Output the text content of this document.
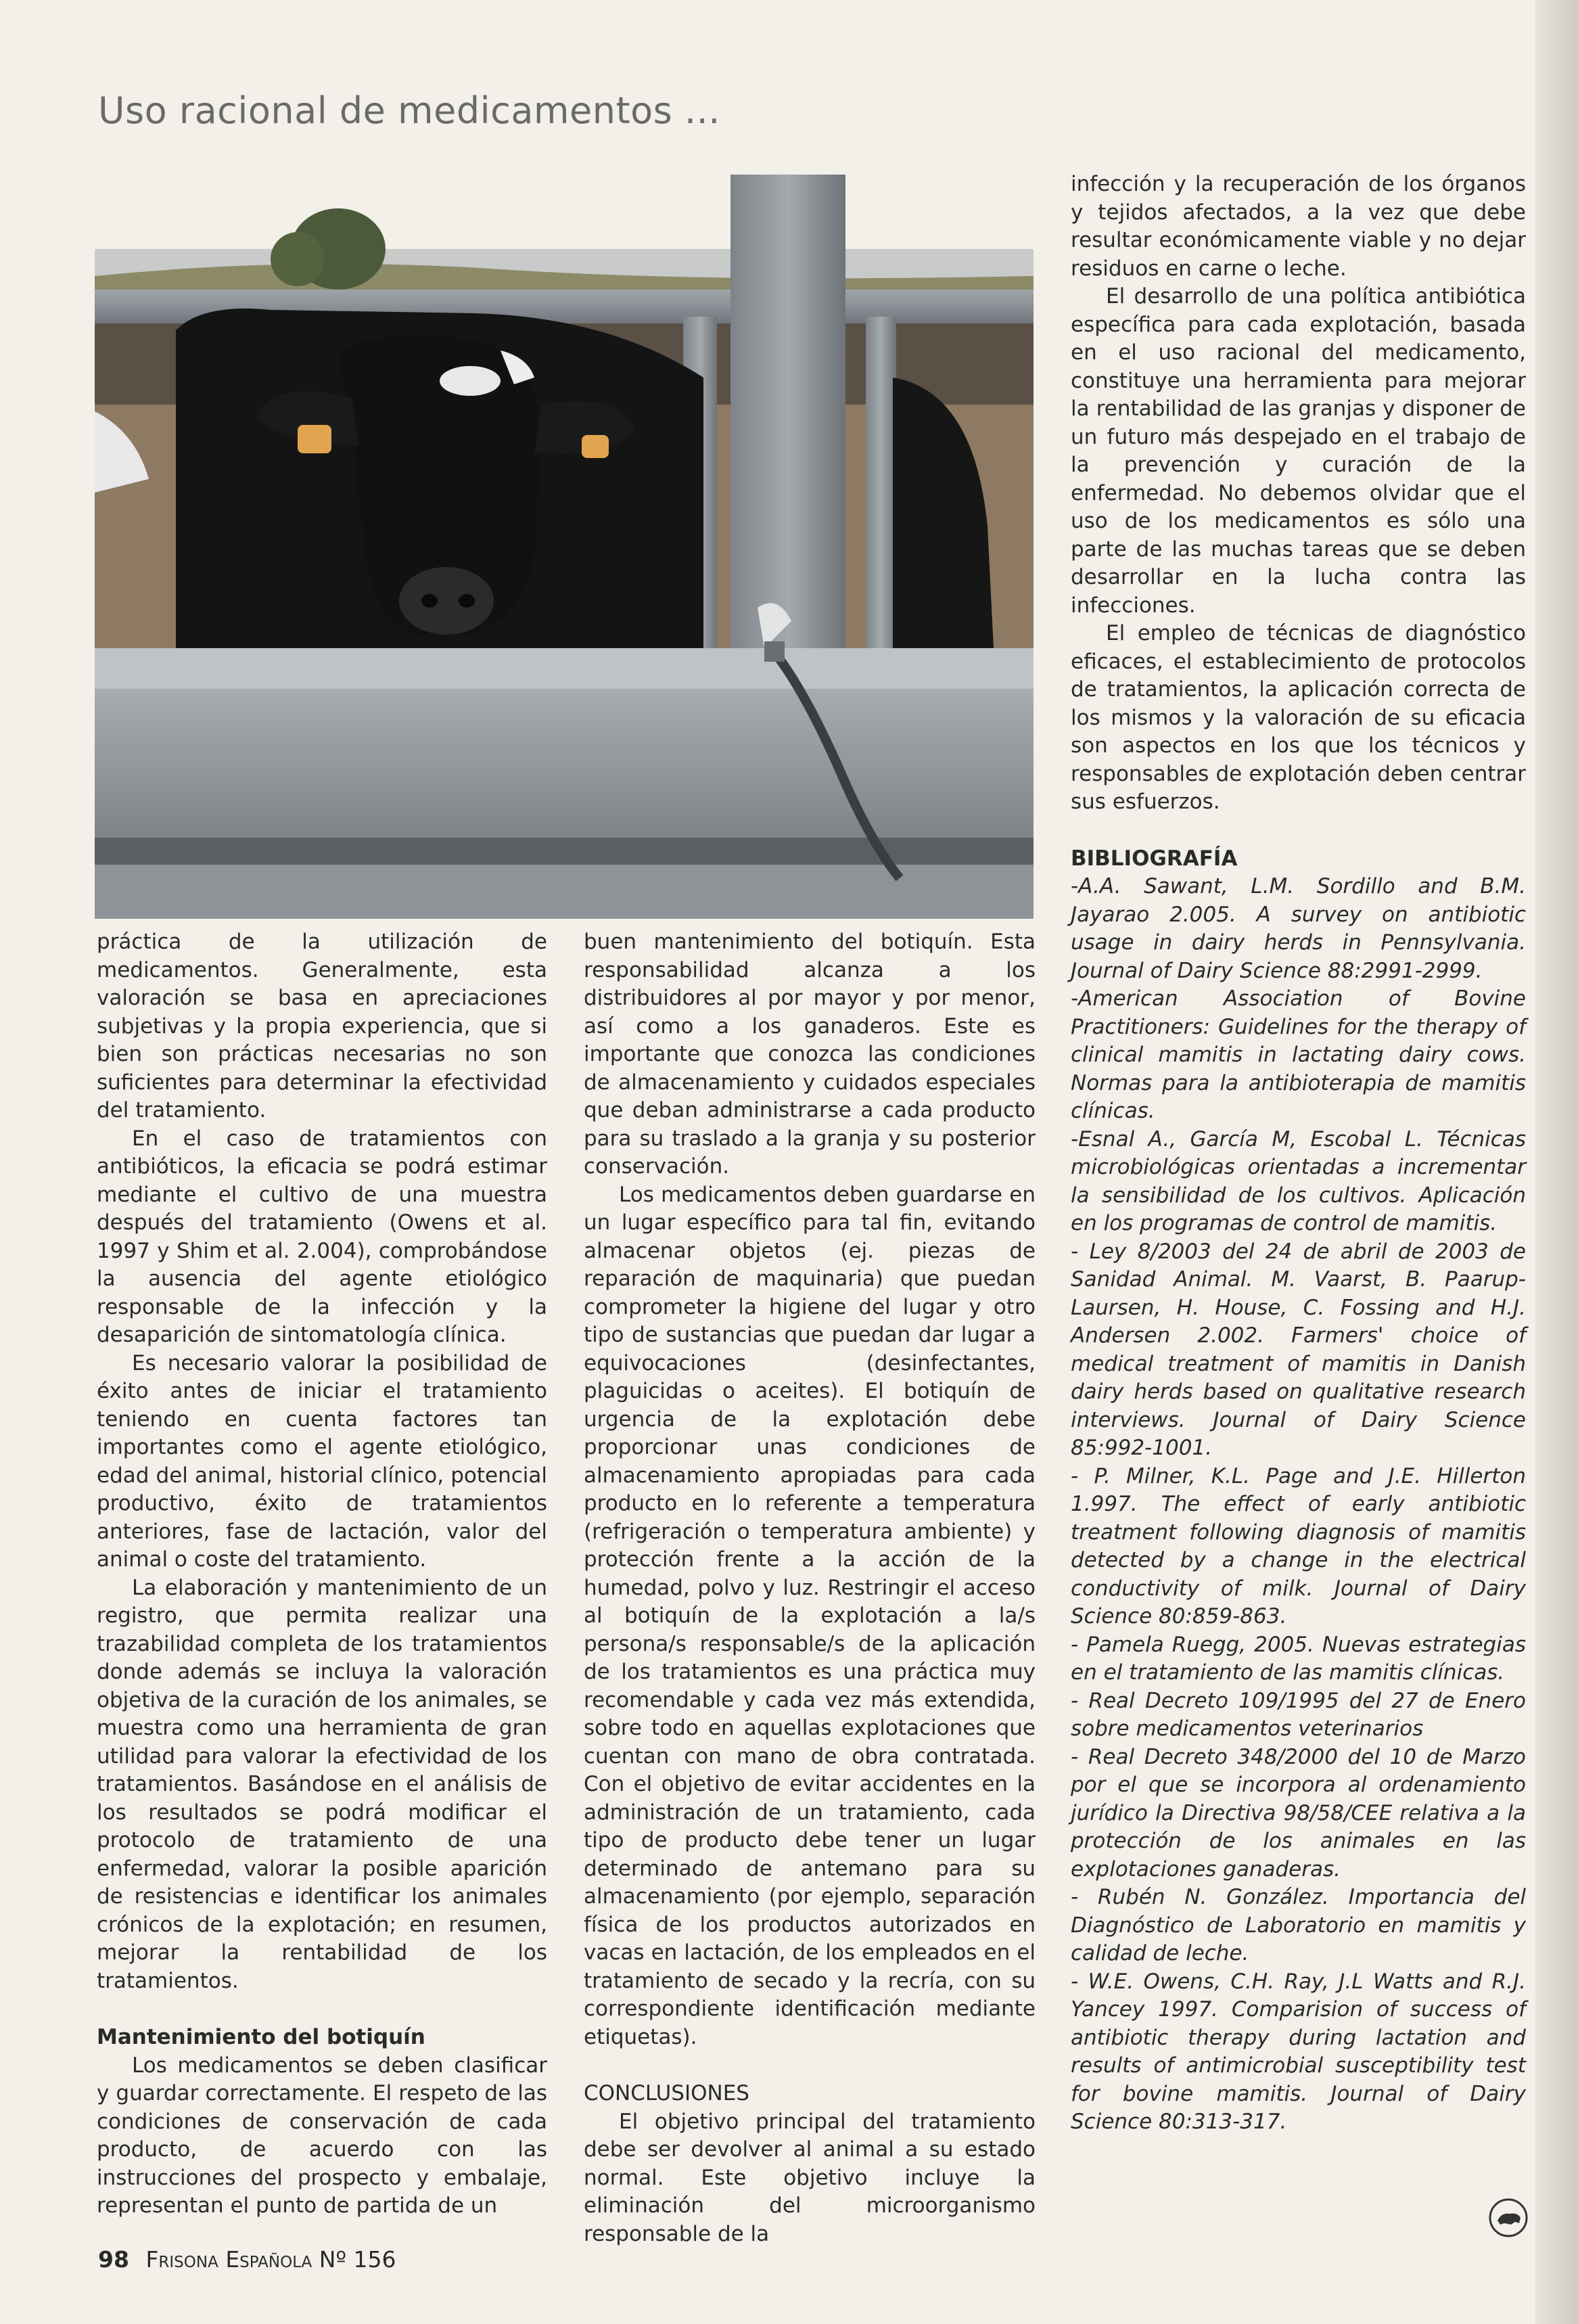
Uso racional de medicamentos ...

práctica de la utilización de medicamentos. Generalmente, esta valoración se basa en apreciaciones subjetivas y la propia experiencia, que si bien son prácticas necesarias no son suficientes para determinar la efectividad del tratamiento.

En el caso de tratamientos con antibióticos, la eficacia se podrá estimar mediante el cultivo de una muestra después del tratamiento (Owens et al. 1997 y Shim et al. 2.004), comprobándose la ausencia del agente etiológico responsable de la infección y la desaparición de sintomatología clínica.

Es necesario valorar la posibilidad de éxito antes de iniciar el tratamiento teniendo en cuenta factores tan importantes como el agente etiológico, edad del animal, historial clínico, potencial productivo, éxito de tratamientos anteriores, fase de lactación, valor del animal o coste del tratamiento.

La elaboración y mantenimiento de un registro, que permita realizar una trazabilidad completa de los tratamientos donde además se incluya la valoración objetiva de la curación de los animales, se muestra como una herramienta de gran utilidad para valorar la efectividad de los tratamientos. Basándose en el análisis de los resultados se podrá modificar el protocolo de tratamiento de una enfermedad, valorar la posible aparición de resistencias e identificar los animales crónicos de la explotación; en resumen, mejorar la rentabilidad de los tratamientos.

Mantenimiento del botiquín

Los medicamentos se deben clasificar y guardar correctamente. El respeto de las condiciones de conservación de cada producto, de acuerdo con las instrucciones del prospecto y embalaje, representan el punto de partida de un

buen mantenimiento del botiquín. Esta responsabilidad alcanza a los distribuidores al por mayor y por menor, así como a los ganaderos. Este es importante que conozca las condiciones de almacenamiento y cuidados especiales que deban administrarse a cada producto para su traslado a la granja y su posterior conservación.

Los medicamentos deben guardarse en un lugar específico para tal fin, evitando almacenar objetos (ej. piezas de reparación de maquinaria) que puedan comprometer la higiene del lugar y otro tipo de sustancias que puedan dar lugar a equivocaciones (desinfectantes, plaguicidas o aceites). El botiquín de urgencia de la explotación debe proporcionar unas condiciones de almacenamiento apropiadas para cada producto en lo referente a temperatura (refrigeración o temperatura ambiente) y protección frente a la acción de la humedad, polvo y luz. Restringir el acceso al botiquín de la explotación a la/s persona/s responsable/s de la aplicación de los tratamientos es una práctica muy recomendable y cada vez más extendida, sobre todo en aquellas explotaciones que cuentan con mano de obra contratada. Con el objetivo de evitar accidentes en la administración de un tratamiento, cada tipo de producto debe tener un lugar determinado de antemano para su almacenamiento (por ejemplo, separación física de los productos autorizados en vacas en lactación, de los empleados en el tratamiento de secado y la recría, con su correspondiente identificación mediante etiquetas).

CONCLUSIONES

El objetivo principal del tratamiento debe ser devolver al animal a su estado normal. Este objetivo incluye la eliminación del microorganismo responsable de la

infección y la recuperación de los órganos y tejidos afectados, a la vez que debe resultar económicamente viable y no dejar residuos en carne o leche.

El desarrollo de una política antibiótica específica para cada explotación, basada en el uso racional del medicamento, constituye una herramienta para mejorar la rentabilidad de las granjas y disponer de un futuro más despejado en el trabajo de la prevención y curación de la enfermedad. No debemos olvidar que el uso de los medicamentos es sólo una parte de las muchas tareas que se deben desarrollar en la lucha contra las infecciones.

El empleo de técnicas de diagnóstico eficaces, el establecimiento de protocolos de tratamientos, la aplicación correcta de los mismos y la valoración de su eficacia son aspectos en los que los técnicos y responsables de explotación deben centrar sus esfuerzos.

BIBLIOGRAFÍA

-A.A. Sawant, L.M. Sordillo and B.M. Jayarao 2.005. A survey on antibiotic usage in dairy herds in Pennsylvania. Journal of Dairy Science 88:2991-2999.

-American Association of Bovine Practitioners: Guidelines for the therapy of clinical mamitis in lactating dairy cows. Normas para la antibioterapia de mamitis clínicas.

-Esnal A., García M, Escobal L. Técnicas microbiológicas orientadas a incrementar la sensibilidad de los cultivos. Aplicación en los programas de control de mamitis.

- Ley 8/2003 del 24 de abril de 2003 de Sanidad Animal. M. Vaarst, B. Paarup-Laursen, H. House, C. Fossing and H.J. Andersen 2.002. Farmers' choice of medical treatment of mamitis in Danish dairy herds based on qualitative research interviews. Journal of Dairy Science 85:992-1001.

- P. Milner, K.L. Page and J.E. Hillerton 1.997. The effect of early antibiotic treatment following diagnosis of mamitis detected by a change in the electrical conductivity of milk. Journal of Dairy Science 80:859-863.

- Pamela Ruegg, 2005. Nuevas estrategias en el tratamiento de las mamitis clínicas.

- Real Decreto 109/1995 del 27 de Enero sobre medicamentos veterinarios

- Real Decreto 348/2000 del 10 de Marzo por el que se incorpora al ordenamiento jurídico la Directiva 98/58/CEE relativa a la protección de los animales en las explotaciones ganaderas.

- Rubén N. González. Importancia del Diagnóstico de Laboratorio en mamitis y calidad de leche.

- W.E. Owens, C.H. Ray, J.L Watts and R.J. Yancey 1997. Comparision of success of antibiotic therapy during lactation and results of antimicrobial susceptibility test for bovine mamitis. Journal of Dairy Science 80:313-317.

98 Frisona Española Nº 156
